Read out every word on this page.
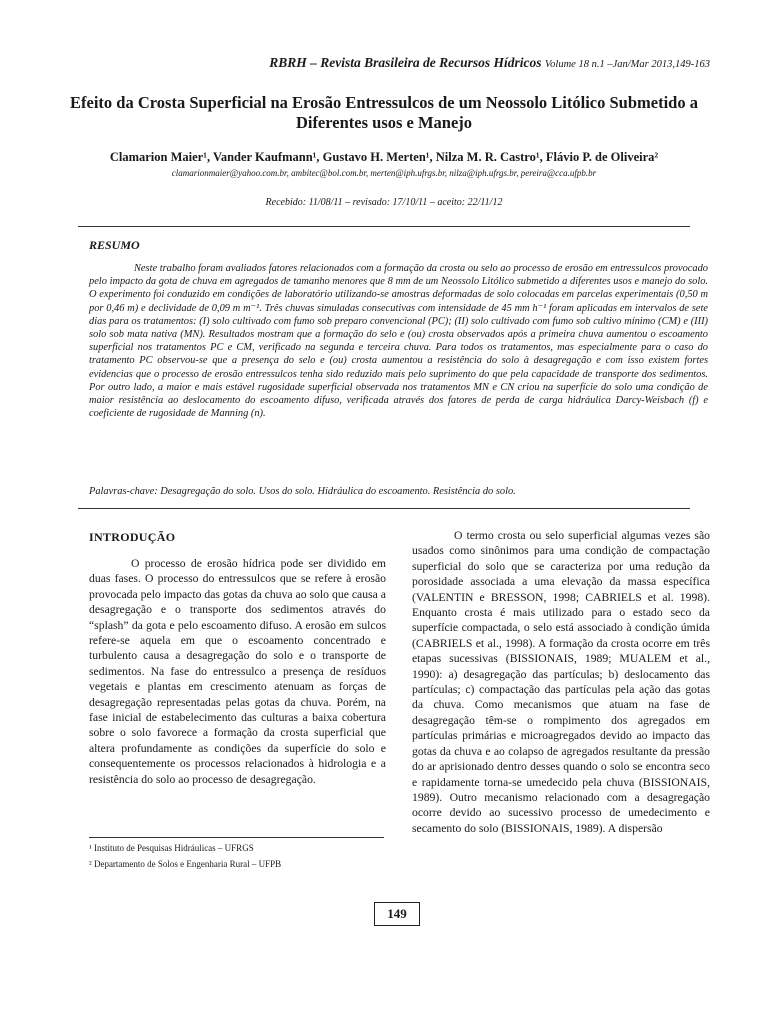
RBRH – Revista Brasileira de Recursos Hídricos Volume 18 n.1 –Jan/Mar 2013,149-163
Efeito da Crosta Superficial na Erosão Entressulcos de um Neossolo Litólico Submetido a Diferentes usos e Manejo
Clamarion Maier¹, Vander Kaufmann¹, Gustavo H. Merten¹, Nilza M. R. Castro¹, Flávio P. de Oliveira²
clamarionmaier@yahoo.com.br, ambitec@bol.com.br, merten@iph.ufrgs.br, nilza@iph.ufrgs.br, pereira@cca.ufpb.br
Recebido: 11/08/11 – revisado: 17/10/11 – aceito: 22/11/12
RESUMO

Neste trabalho foram avaliados fatores relacionados com a formação da crosta ou selo ao processo de erosão em entressulcos provocado pelo impacto da gota de chuva em agregados de tamanho menores que 8 mm de um Neossolo Litólico submetido a diferentes usos e manejo do solo. O experimento foi conduzido em condições de laboratório utilizando-se amostras deformadas de solo colocadas em parcelas experimentais (0,50 m por 0,46 m) e declividade de 0,09 m m⁻¹. Três chuvas simuladas consecutivas com intensidade de 45 mm h⁻¹ foram aplicadas em intervalos de sete dias para os tratamentos: (I) solo cultivado com fumo sob preparo convencional (PC); (II) solo cultivado com fumo sob cultivo mínimo (CM) e (III) solo sob mata nativa (MN). Resultados mostram que a formação do selo e (ou) crosta observados após a primeira chuva aumentou o escoamento superficial nos tratamentos PC e CM, verificado na segunda e terceira chuva. Para todos os tratamentos, mas especialmente para o caso do tratamento PC observou-se que a presença do selo e (ou) crosta aumentou a resistência do solo à desagregação e com isso existem fortes evidencias que o processo de erosão entressulcos tenha sido reduzido mais pelo suprimento do que pela capacidade de transporte dos sedimentos. Por outro lado, a maior e mais estável rugosidade superficial observada nos tratamentos MN e CN criou na superfície do solo uma condição de maior resistência ao deslocamento do escoamento difuso, verificada através dos fatores de perda de carga hidráulica Darcy-Weisbach (f) e coeficiente de rugosidade de Manning (n).

Palavras-chave: Desagregação do solo. Usos do solo. Hidráulica do escoamento. Resistência do solo.
INTRODUÇÃO

O processo de erosão hídrica pode ser dividido em duas fases. O processo do entressulcos que se refere à erosão provocada pelo impacto das gotas da chuva ao solo que causa a desagregação e o transporte dos sedimentos através do “splash” da gota e pelo escoamento difuso. A erosão em sulcos refere-se aquela em que o escoamento concentrado e turbulento causa a desagregação do solo e o transporte de sedimentos. Na fase do entressulco a presença de resíduos vegetais e plantas em crescimento atenuam as forças de desagregação representadas pelas gotas da chuva. Porém, na fase inicial de estabelecimento das culturas a baixa cobertura sobre o solo favorece a formação da crosta superficial que altera profundamente as condições da superfície do solo e consequentemente os processos relacionados à hidrologia e a resistência do solo ao processo de desagregação.

O termo crosta ou selo superficial algumas vezes são usados como sinônimos para uma condição de compactação superficial do solo que se caracteriza por uma redução da porosidade associada a uma elevação da massa específica (VALENTIN e BRESSON, 1998; CABRIELS et al. 1998). Enquanto crosta é mais utilizado para o estado seco da superfície compactada, o selo está associado à condição úmida (CABRIELS et al., 1998). A formação da crosta ocorre em três etapas sucessivas (BISSIONAIS, 1989; MUALEM et al., 1990): a) desagregação das partículas; b) deslocamento das partículas; c) compactação das partículas pela ação das gotas da chuva. Como mecanismos que atuam na fase de desagregação têm-se o rompimento dos agregados em partículas primárias e microagregados devido ao impacto das gotas da chuva e ao colapso de agregados resultante da pressão do ar aprisionado dentro desses quando o solo se encontra seco e rapidamente torna-se umedecido pela chuva (BISSIONAIS, 1989). Outro mecanismo relacionado com a desagregação ocorre devido ao sucessivo processo de umedecimento e secamento do solo (BISSIONAIS, 1989). A dispersão

¹ Instituto de Pesquisas Hidráulicas – UFRGS
² Departamento de Solos e Engenharia Rural – UFPB
149
